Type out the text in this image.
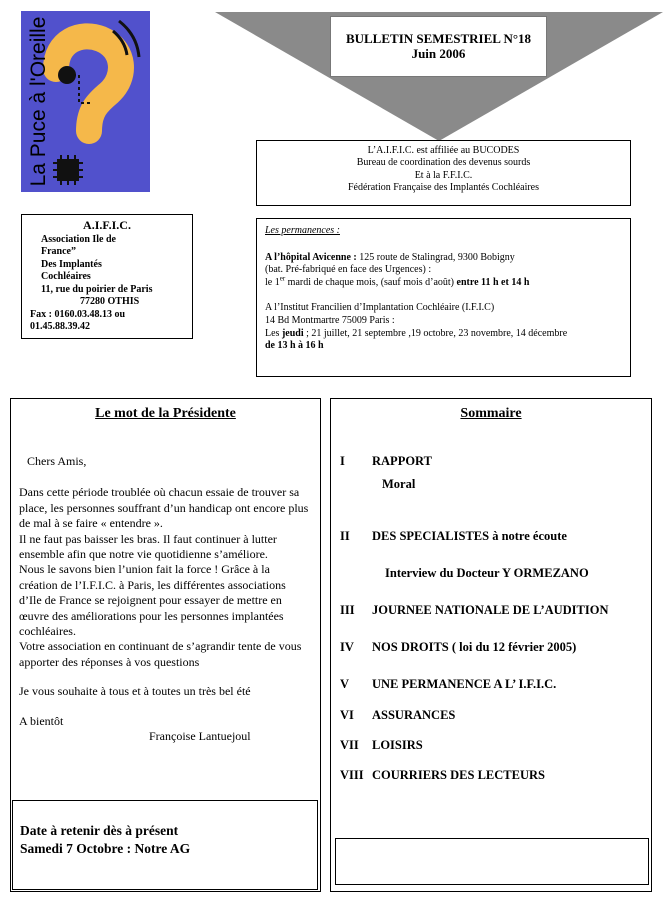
La Puce à l'Oreille	BULLETIN SEMESTRIEL N°18
Juin 2006
L’A.I.F.I.C. est affiliée au BUCODES
Bureau de coordination des devenus sourds
Et à la F.F.I.C.
Fédération Française des Implantés Cochléaires
A.I.F.I.C.
Association Ile de
France”
Des Implantés
Cochléaires
11, rue du poirier de Paris
77280 OTHIS
Fax : 0160.03.48.13 ou
01.45.88.39.42

Les permanences :

A l’hôpital Avicenne : 125 route de Stalingrad, 9300 Bobigny

(bat. Pré-fabriqué en face des Urgences) :

le 1er mardi de chaque mois, (sauf mois d’août) entre 11 h et 14 h

A l’Institut Francilien d’Implantation Cochléaire (I.F.I.C)

14 Bd Montmartre 75009 Paris :

Les jeudi ; 21 juillet, 21 septembre ,19 octobre, 23 novembre, 14 décembre

de 13 h à 16 h

Le mot de la Présidente

Chers Amis,

Dans cette période troublée où chacun essaie de trouver sa place, les personnes souffrant d’un handicap ont encore plus de mal à se faire « entendre ».

Il ne faut pas baisser les bras. Il faut continuer à lutter ensemble afin que notre vie quotidienne s’améliore.

Nous le savons bien l’union fait la force ! Grâce à la création de l’I.F.I.C. à Paris, les différentes associations d’Ile de France se rejoignent pour essayer de mettre en œuvre des améliorations pour les personnes implantées cochléaires.

Votre association en continuant de s’agrandir tente de vous apporter des réponses à vos questions

Je vous souhaite à tous et à toutes un très bel été

A bientôt

Françoise Lantuejoul

Date à retenir dès à présent
Samedi 7 Octobre : Notre AG
Sommaire
I RAPPORT
Moral
II DES SPECIALISTES à notre écoute
Interview du Docteur Y ORMEZANO
III JOURNEE NATIONALE DE L’AUDITION
IV NOS DROITS ( loi du 12 février 2005)
V UNE PERMANENCE A L’ I.F.I.C.
VI ASSURANCES
VII LOISIRS
VIII COURRIERS DES LECTEURS
